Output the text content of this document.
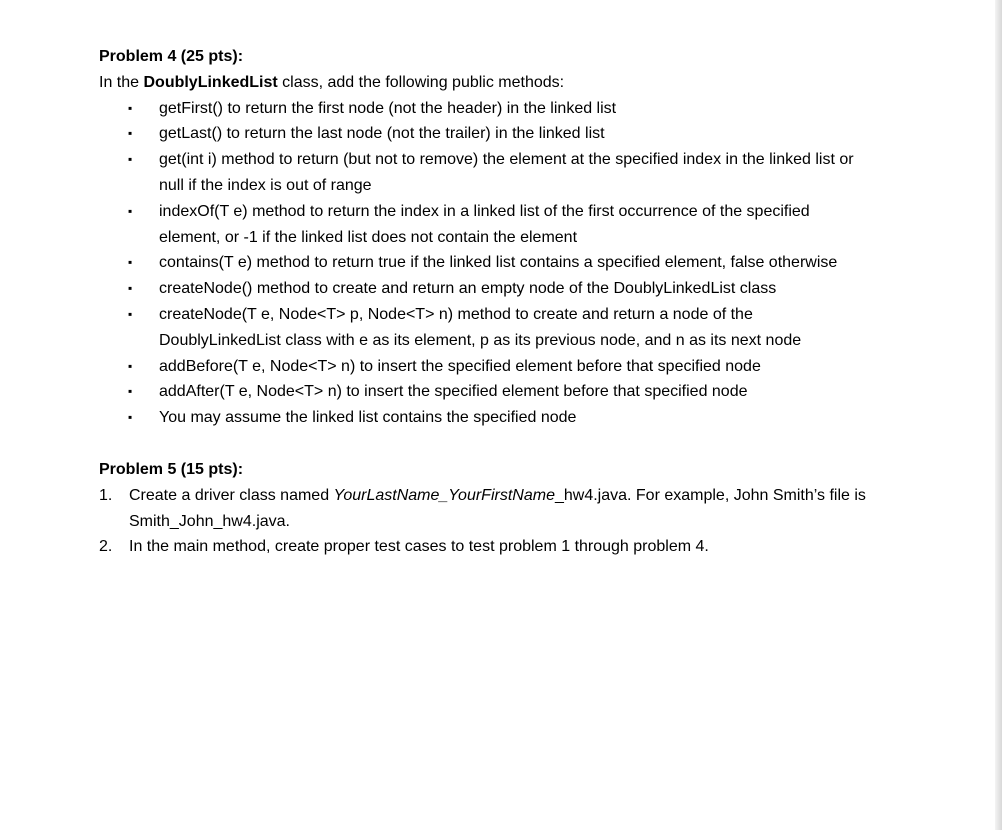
Problem 4 (25 pts):
In the DoublyLinkedList class, add the following public methods:
▪ getFirst() to return the first node (not the header) in the linked list
▪ getLast() to return the last node (not the trailer) in the linked list
▪ get(int i) method to return (but not to remove) the element at the specified index in the linked list or null if the index is out of range
▪ indexOf(T e) method to return the index in a linked list of the first occurrence of the specified element, or -1 if the linked list does not contain the element
▪ contains(T e) method to return true if the linked list contains a specified element, false otherwise
▪ createNode() method to create and return an empty node of the DoublyLinkedList class
▪ createNode(T e, Node<T> p, Node<T> n) method to create and return a node of the DoublyLinkedList class with e as its element, p as its previous node, and n as its next node
▪ addBefore(T e, Node<T> n) to insert the specified element before that specified node
▪ addAfter(T e, Node<T> n) to insert the specified element before that specified node
▪ You may assume the linked list contains the specified node
Problem 5 (15 pts):
1. Create a driver class named YourLastName_YourFirstName_hw4.java. For example, John Smith’s file is Smith_John_hw4.java.
2. In the main method, create proper test cases to test problem 1 through problem 4.
